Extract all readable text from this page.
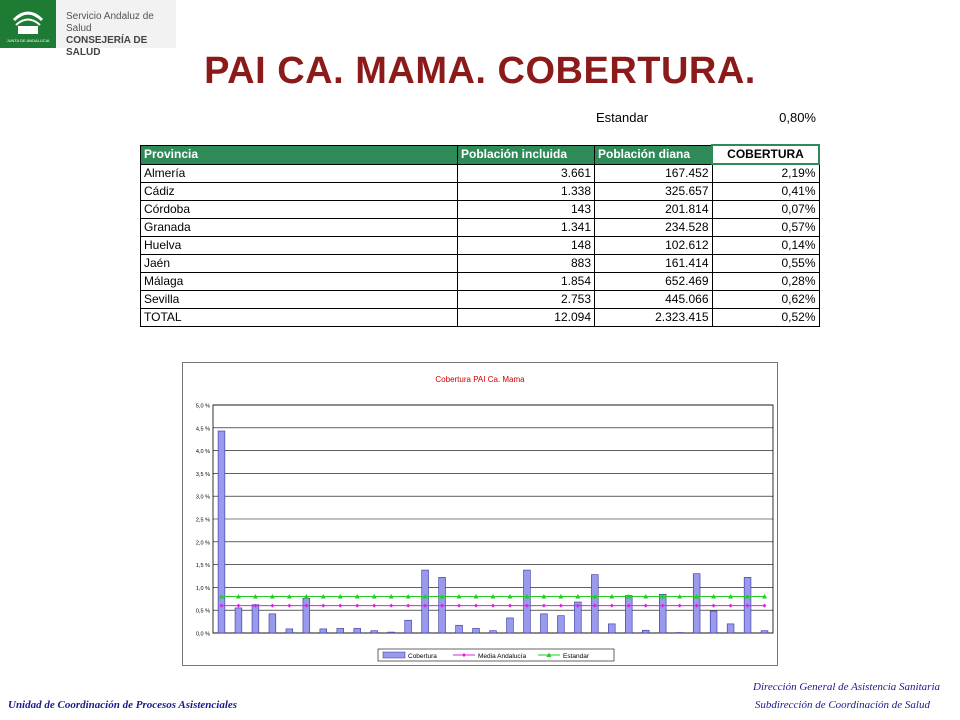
JUNTA DE ANDALUCIA
Servicio Andaluz de Salud
CONSEJERÍA DE SALUD	PAI CA. MAMA. COBERTURA.
Estandar	0,80%
Provincia	Población incluida	Población diana	COBERTURA
Almería	3.661	167.452	2,19%
Cádiz	1.338	325.657	0,41%
Córdoba	143	201.814	0,07%
Granada	1.341	234.528	0,57%
Huelva	148	102.612	0,14%
Jaén	883	161.414	0,55%
Málaga	1.854	652.469	0,28%
Sevilla	2.753	445.066	0,62%
TOTAL	12.094	2.323.415	0,52%
Cobertura PAI Ca. Mama
0,0 %
0,5 %
1,0 %
1,5 %
2,0 %
2,5 %
3,0 %
3,5 %
4,0 %
4,5 %
5,0 %
Cobertura	Media Andalucía	Estandar
Unidad de Coordinación de Procesos Asistenciales
Dirección General de Asistencia Sanitaria
Subdirección de Coordinación de Salud
